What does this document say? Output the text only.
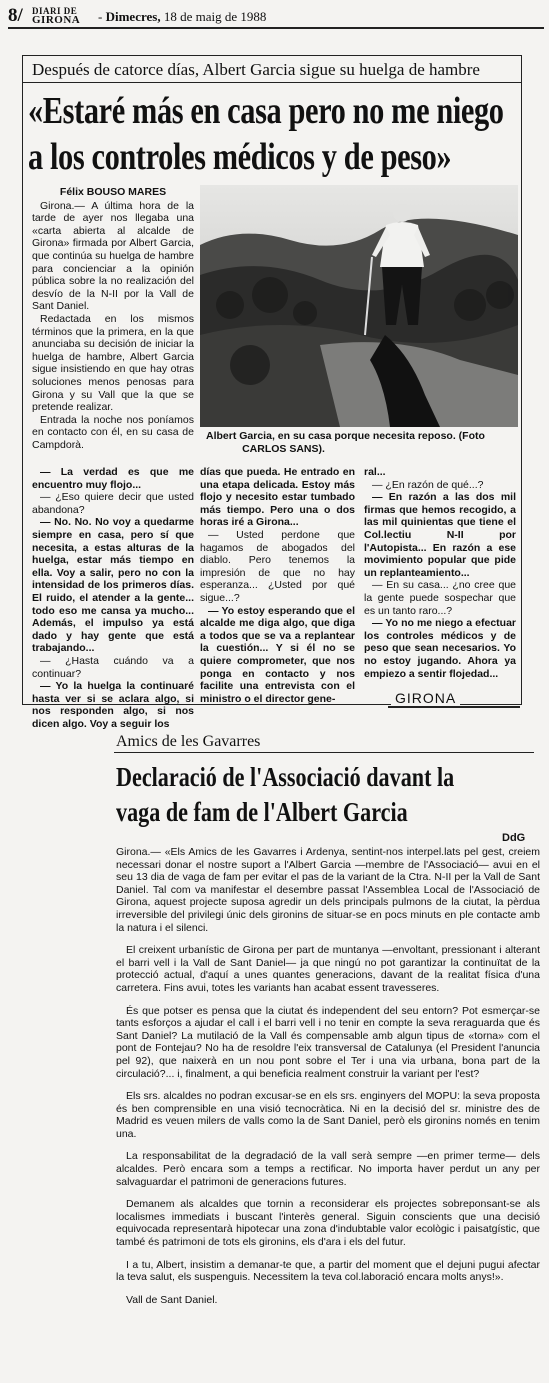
8/ DIARI DE
GIRONA - Dimecres, 18 de maig de 1988
Después de catorce días, Albert Garcia sigue su huelga de hambre
«Estaré más en casa pero no me niego
a los controles médicos y de peso»
Albert Garcia, en su casa porque necesita reposo. (Foto
CARLOS SANS).

Félix BOUSO MARES

Girona.— A última hora de la tarde de ayer nos llegaba una «carta abierta al alcalde de Girona» firmada por Albert Garcia, que continúa su huelga de hambre para concienciar a la opinión pública sobre la no realización del desvío de la N-II por la Vall de Sant Daniel.

Redactada en los mismos términos que la primera, en la que anunciaba su decisión de iniciar la huelga de hambre, Albert Garcia sigue insistiendo en que hay otras soluciones menos penosas para Girona y su Vall que la que se pretende realizar.

Entrada la noche nos poníamos en contacto con él, en su casa de Campdorà.

— La verdad es que me encuentro muy flojo...

— ¿Eso quiere decir que usted abandona?

— No. No. No voy a quedarme siempre en casa, pero sí que necesita, a estas alturas de la huelga, estar más tiempo en ella. Voy a salir, pero no con la intensidad de los primeros días. El ruido, el atender a la gente... todo eso me cansa ya mucho... Además, el impulso ya está dado y hay gente que está trabajando...

— ¿Hasta cuándo va a continuar?

— Yo la huelga la continuaré hasta ver si se aclara algo, si nos responden algo, si nos dicen algo. Voy a seguir los

días que pueda. He entrado en una etapa delicada. Estoy más flojo y necesito estar tumbado más tiempo. Pero una o dos horas iré a Girona...

— Usted perdone que hagamos de abogados del diablo. Pero tenemos la impresión de que no hay esperanza... ¿Usted por qué sigue...?

— Yo estoy esperando que el alcalde me diga algo, que diga a todos que se va a replantear la cuestión... Y si él no se quiere comprometer, que nos ponga en contacto y nos facilite una entrevista con el ministro o el director gene-

ral...

— ¿En razón de qué...?

— En razón a las dos mil firmas que hemos recogido, a las mil quinientas que tiene el Col.lectiu N-II por l'Autopista... En razón a ese movimiento popular que pide un replanteamiento...

— En su casa... ¿no cree que la gente puede sospechar que es un tanto raro...?

— Yo no me niego a efectuar los controles médicos y de peso que sean necesarios. Yo no estoy jugando. Ahora ya empiezo a sentir flojedad...

GIRONA
Amics de les Gavarres
Declaració de l'Associació davant la
vaga de fam de l'Albert Garcia
DdG

Girona.— «Els Amics de les Gavarres i Ardenya, sentint-nos interpel.lats pel gest, creiem necessari donar el nostre suport a l'Albert Garcia —membre de l'Associació— avui en el seu 13 dia de vaga de fam per evitar el pas de la variant de la Ctra. N-II per la Vall de Sant Daniel. Tal com va manifestar el desembre passat l'Assemblea Local de l'Associació de Girona, aquest projecte suposa agredir un dels principals pulmons de la ciutat, la pèrdua irreversible del privilegi únic dels gironins de situar-se en pocs minuts en ple contacte amb la natura i el silenci.

El creixent urbanístic de Girona per part de muntanya —envoltant, pressionant i alterant el barri vell i la Vall de Sant Daniel— ja que ningú no pot garantizar la continuïtat de la protecció actual, d'aquí a unes quantes generacions, davant de la realitat física d'una carretera. Fins avui, totes les variants han acabat essent travesseres.

És que potser es pensa que la ciutat és independent del seu entorn? Pot esmerçar-se tants esforços a ajudar el call i el barri vell i no tenir en compte la seva reraguarda que és Sant Daniel? La mutilació de la Vall és compensable amb algun tipus de «torna» com el pont de Fontejau? No ha de resoldre l'eix transversal de Catalunya (el President l'anuncia pel 92), que naixerà en un nou pont sobre el Ter i una via urbana, bona part de la circulació?... i, finalment, a qui beneficia realment construir la variant per l'est?

Els srs. alcaldes no podran excusar-se en els srs. enginyers del MOPU: la seva proposta és ben comprensible en una visió tecnocràtica. Ni en la decisió del sr. ministre des de Madrid es veuen milers de valls como la de Sant Daniel, però els gironins només en tenim una.

La responsabilitat de la degradació de la vall serà sempre —en primer terme— dels alcaldes. Però encara som a temps a rectificar. No importa haver perdut un any per salvaguardar el patrimoni de generacions futures.

Demanem als alcaldes que tornin a reconsiderar els projectes sobreponsant-se als localismes immediats i buscant l'interès general. Siguin conscients que una decisió equivocada representarà hipotecar una zona d'indubtable valor ecològic i paisatgístic, que també és patrimoni de tots els gironins, els d'ara i els del futur.

I a tu, Albert, insistim a demanar-te que, a partir del moment que el dejuni pugui afectar la teva salut, els suspenguis. Necessitem la teva col.laboració encara molts anys!».

Vall de Sant Daniel.
